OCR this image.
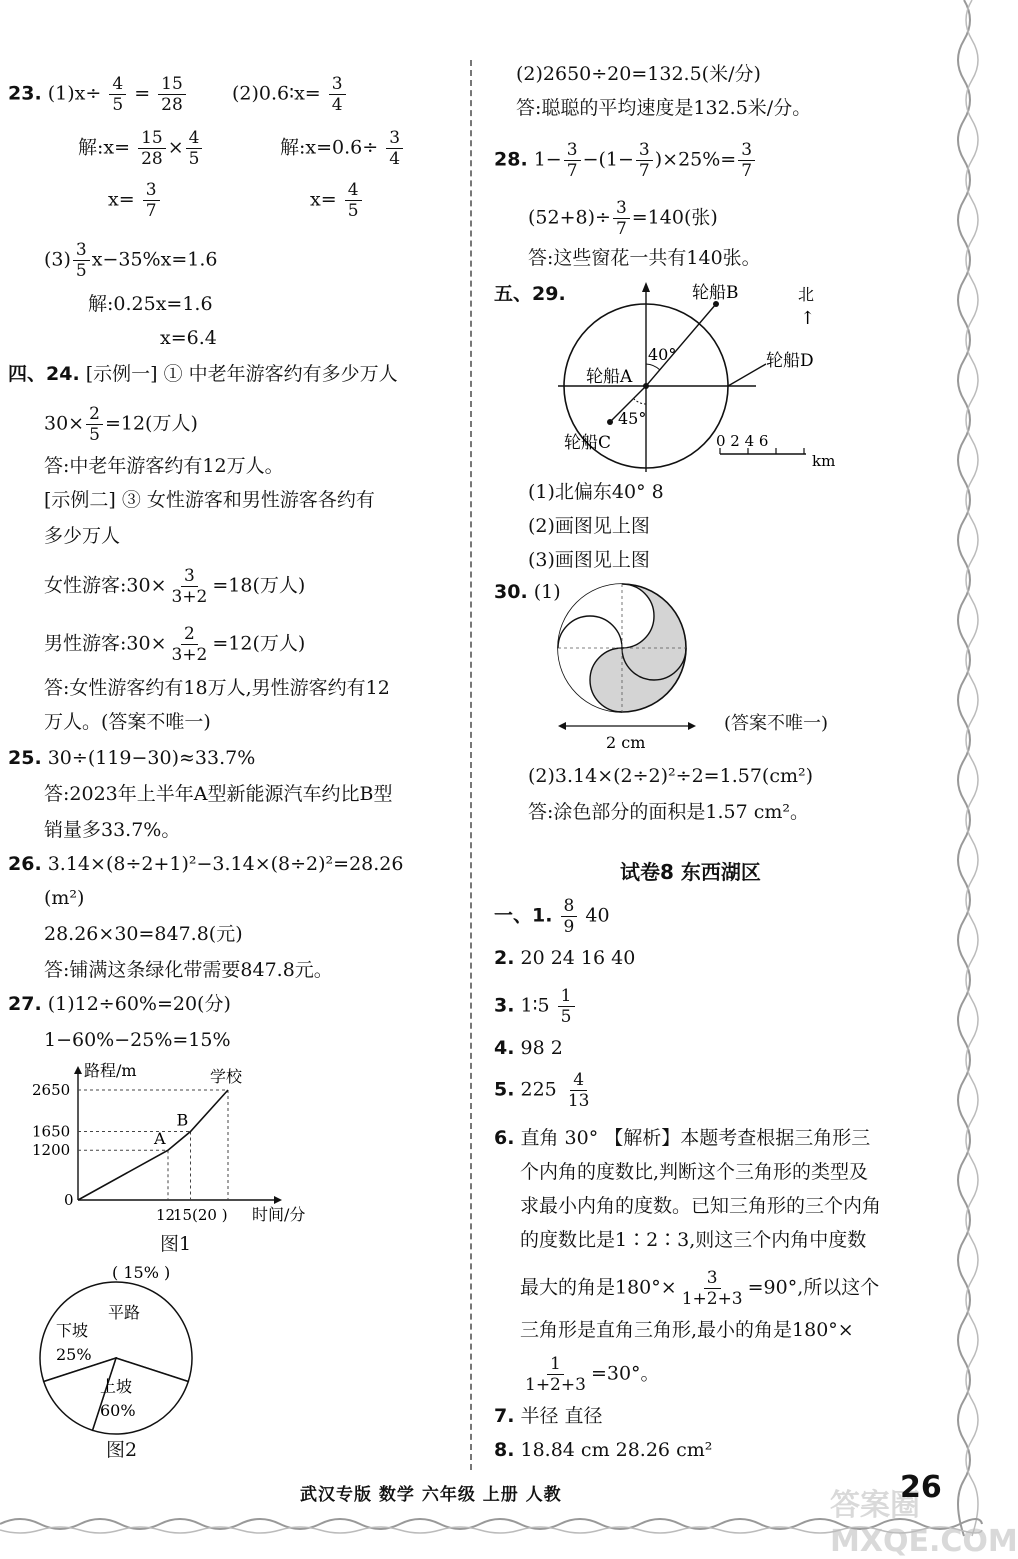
23. $(1)x\div \frac{4}{5} = \frac{15}{28}$ (2)0.6∶x= $\frac{3}{4}$
解:x= $\frac{15}{28} \times \frac{4}{5}$	解:x=0.6÷ $\frac{3}{4}$
$x= \frac{3}{7}$	$x= \frac{4}{5}$
$(3) \frac{3}{5} x-35\%x=1.6$
解:0.25x=1.6
x=6.4
四、24. [示例一] ① 中老年游客约有多少万人
$30\times \frac{2}{5} =12$(万人)
答:中老年游客约有12万人。
[示例二] ③ 女性游客和男性游客各约有
多少万人
女性游客:30× $\frac{3}{3+2} =18$(万人)
男性游客:30× $\frac{2}{3+2} =12$(万人)
答:女性游客约有18万人,男性游客约有12
万人。(答案不唯一)
25. 30÷(119−30)≈33.7%
答:2023年上半年A型新能源汽车约比B型
销量多33.7%。
26. 3.14×(8÷2+1)²−3.14×(8÷2)²=28.26
(m²)
28.26×30=847.8(元)
答:铺满这条绿化带需要847.8元。
27. (1)12÷60%=20(分)
1−60%−25%=15%
1200
A
1650
B
2650
学校
0
12
15 (20 ) 时间/分
路程/m
图1
上坡
60%
下坡
25%
平路
( 15% )
图2
(2)2650÷20=132.5(米/分)
答:聪聪的平均速度是132.5米/分。
28. $1- \frac{3}{7} -(1- \frac{3}{7} )\times 25\%= \frac{3}{7}$
$(52+8)\div \frac{3}{7} =140$(张)
答:这些窗花一共有140张。
五、29.	轮船B
轮船A
轮船C
轮船D
40°
45°
北
↑
0 2 4 6
km
(1)北偏东40° 8
(2)画图见上图
(3)画图见上图
30. (1)
2 cm
(答案不唯一)
(2)3.14×(2÷2)²÷2=1.57(cm²)
答:涂色部分的面积是1.57 cm²。
试卷8 东西湖区
一、1. $\frac{8}{9} 40$
2. 20 24 16 40
3. 1∶5 $\frac{1}{5}$
4. 98 2
5. $225 \frac{4}{13}$
6. 直角 30° 【解析】本题考查根据三角形三
个内角的度数比,判断这个三角形的类型及
求最小内角的度数。已知三角形的三个内角
的度数比是1∶2∶3,则这三个内角中度数
最大的角是$180^\circ\times \frac{3}{1+2+3} =90^\circ$,所以这个
三角形是直角三角形,最小的角是180°×
$\frac{1}{1+2+3} =30^\circ$。
7. 半径 直径
8. 18.84 cm 28.26 cm²
武汉专版 数学 六年级 上册 人教	答案圈 MXQE.COM
26
